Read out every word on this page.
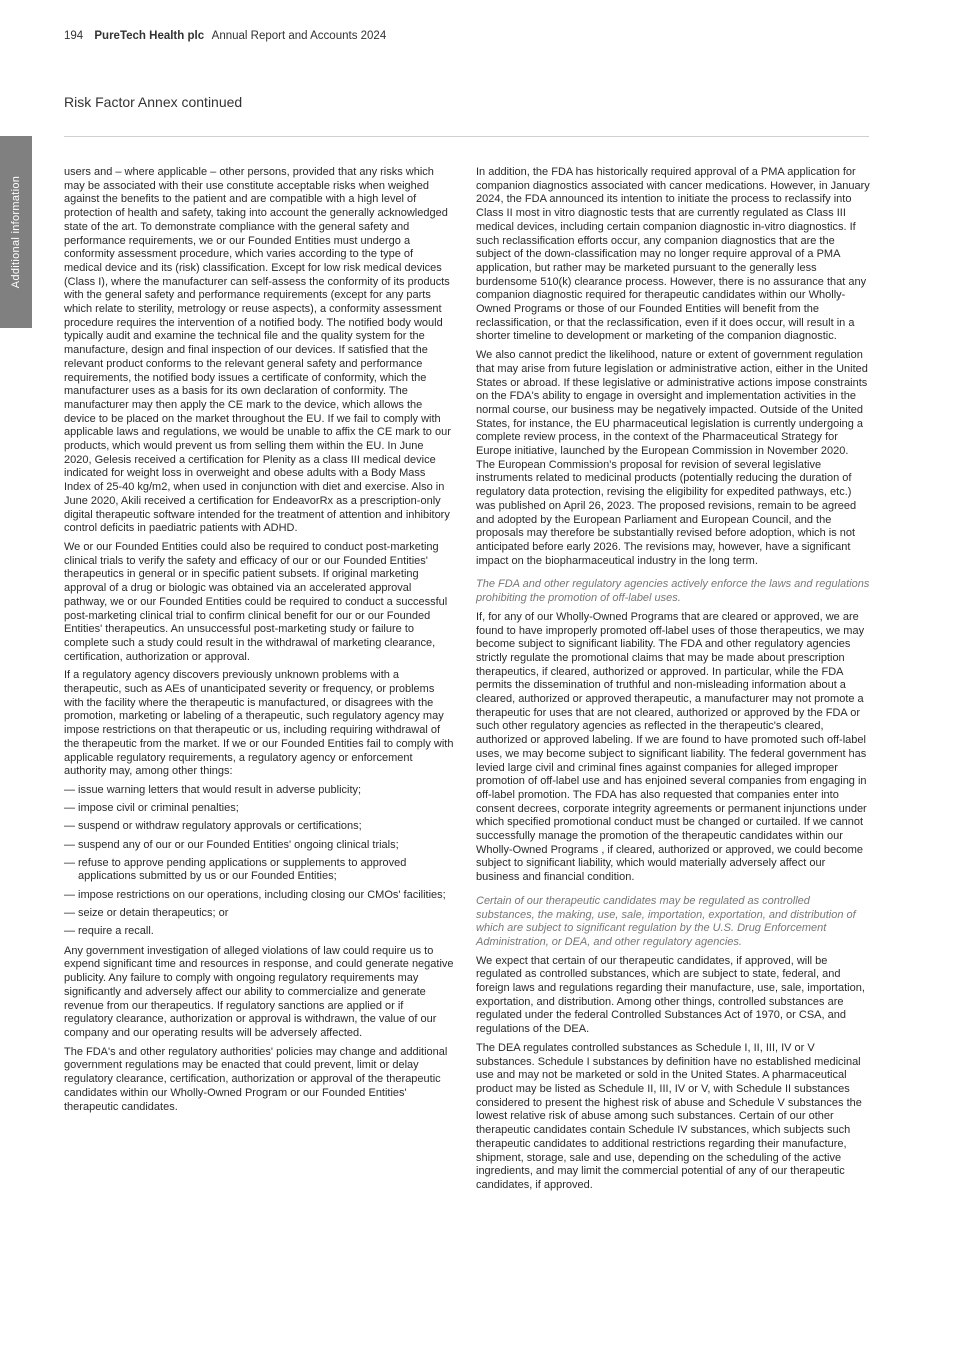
194 PureTech Health plc Annual Report and Accounts 2024
Risk Factor Annex continued
Additional information

users and – where applicable – other persons, provided that any risks which may be associated with their use constitute acceptable risks when weighed against the benefits to the patient and are compatible with a high level of protection of health and safety, taking into account the generally acknowledged state of the art. To demonstrate compliance with the general safety and performance requirements, we or our Founded Entities must undergo a conformity assessment procedure, which varies according to the type of medical device and its (risk) classification. Except for low risk medical devices (Class I), where the manufacturer can self-assess the conformity of its products with the general safety and performance requirements (except for any parts which relate to sterility, metrology or reuse aspects), a conformity assessment procedure requires the intervention of a notified body. The notified body would typically audit and examine the technical file and the quality system for the manufacture, design and final inspection of our devices. If satisfied that the relevant product conforms to the relevant general safety and performance requirements, the notified body issues a certificate of conformity, which the manufacturer uses as a basis for its own declaration of conformity. The manufacturer may then apply the CE mark to the device, which allows the device to be placed on the market throughout the EU. If we fail to comply with applicable laws and regulations, we would be unable to affix the CE mark to our products, which would prevent us from selling them within the EU. In June 2020, Gelesis received a certification for Plenity as a class III medical device indicated for weight loss in overweight and obese adults with a Body Mass Index of 25-40 kg/m2, when used in conjunction with diet and exercise. Also in June 2020, Akili received a certification for EndeavorRx as a prescription-only digital therapeutic software intended for the treatment of attention and inhibitory control deficits in paediatric patients with ADHD.

We or our Founded Entities could also be required to conduct post-marketing clinical trials to verify the safety and efficacy of our or our Founded Entities' therapeutics in general or in specific patient subsets. If original marketing approval of a drug or biologic was obtained via an accelerated approval pathway, we or our Founded Entities could be required to conduct a successful post-marketing clinical trial to confirm clinical benefit for our or our Founded Entities' therapeutics. An unsuccessful post-marketing study or failure to complete such a study could result in the withdrawal of marketing clearance, certification, authorization or approval.

If a regulatory agency discovers previously unknown problems with a therapeutic, such as AEs of unanticipated severity or frequency, or problems with the facility where the therapeutic is manufactured, or disagrees with the promotion, marketing or labeling of a therapeutic, such regulatory agency may impose restrictions on that therapeutic or us, including requiring withdrawal of the therapeutic from the market. If we or our Founded Entities fail to comply with applicable regulatory requirements, a regulatory agency or enforcement authority may, among other things:

— issue warning letters that would result in adverse publicity;
— impose civil or criminal penalties;
— suspend or withdraw regulatory approvals or certifications;
— suspend any of our or our Founded Entities' ongoing clinical trials;
— refuse to approve pending applications or supplements to approved applications submitted by us or our Founded Entities;
— impose restrictions on our operations, including closing our CMOs' facilities;
— seize or detain therapeutics; or
— require a recall.

Any government investigation of alleged violations of law could require us to expend significant time and resources in response, and could generate negative publicity. Any failure to comply with ongoing regulatory requirements may significantly and adversely affect our ability to commercialize and generate revenue from our therapeutics. If regulatory sanctions are applied or if regulatory clearance, authorization or approval is withdrawn, the value of our company and our operating results will be adversely affected.

The FDA's and other regulatory authorities' policies may change and additional government regulations may be enacted that could prevent, limit or delay regulatory clearance, certification, authorization or approval of the therapeutic candidates within our Wholly-Owned Program or our Founded Entities' therapeutic candidates.

In addition, the FDA has historically required approval of a PMA application for companion diagnostics associated with cancer medications. However, in January 2024, the FDA announced its intention to initiate the process to reclassify into Class II most in vitro diagnostic tests that are currently regulated as Class III medical devices, including certain companion diagnostic in-vitro diagnostics. If such reclassification efforts occur, any companion diagnostics that are the subject of the down-classification may no longer require approval of a PMA application, but rather may be marketed pursuant to the generally less burdensome 510(k) clearance process. However, there is no assurance that any companion diagnostic required for therapeutic candidates within our Wholly-Owned Programs or those of our Founded Entities will benefit from the reclassification, or that the reclassification, even if it does occur, will result in a shorter timeline to development or marketing of the companion diagnostic.

We also cannot predict the likelihood, nature or extent of government regulation that may arise from future legislation or administrative action, either in the United States or abroad. If these legislative or administrative actions impose constraints on the FDA's ability to engage in oversight and implementation activities in the normal course, our business may be negatively impacted. Outside of the United States, for instance, the EU pharmaceutical legislation is currently undergoing a complete review process, in the context of the Pharmaceutical Strategy for Europe initiative, launched by the European Commission in November 2020. The European Commission's proposal for revision of several legislative instruments related to medicinal products (potentially reducing the duration of regulatory data protection, revising the eligibility for expedited pathways, etc.) was published on April 26, 2023. The proposed revisions, remain to be agreed and adopted by the European Parliament and European Council, and the proposals may therefore be substantially revised before adoption, which is not anticipated before early 2026. The revisions may, however, have a significant impact on the biopharmaceutical industry in the long term.

The FDA and other regulatory agencies actively enforce the laws and regulations prohibiting the promotion of off-label uses.

If, for any of our Wholly-Owned Programs that are cleared or approved, we are found to have improperly promoted off-label uses of those therapeutics, we may become subject to significant liability. The FDA and other regulatory agencies strictly regulate the promotional claims that may be made about prescription therapeutics, if cleared, authorized or approved. In particular, while the FDA permits the dissemination of truthful and non-misleading information about a cleared, authorized or approved therapeutic, a manufacturer may not promote a therapeutic for uses that are not cleared, authorized or approved by the FDA or such other regulatory agencies as reflected in the therapeutic's cleared, authorized or approved labeling. If we are found to have promoted such off-label uses, we may become subject to significant liability. The federal government has levied large civil and criminal fines against companies for alleged improper promotion of off-label use and has enjoined several companies from engaging in off-label promotion. The FDA has also requested that companies enter into consent decrees, corporate integrity agreements or permanent injunctions under which specified promotional conduct must be changed or curtailed. If we cannot successfully manage the promotion of the therapeutic candidates within our Wholly-Owned Programs , if cleared, authorized or approved, we could become subject to significant liability, which would materially adversely affect our business and financial condition.

Certain of our therapeutic candidates may be regulated as controlled substances, the making, use, sale, importation, exportation, and distribution of which are subject to significant regulation by the U.S. Drug Enforcement Administration, or DEA, and other regulatory agencies.

We expect that certain of our therapeutic candidates, if approved, will be regulated as controlled substances, which are subject to state, federal, and foreign laws and regulations regarding their manufacture, use, sale, importation, exportation, and distribution. Among other things, controlled substances are regulated under the federal Controlled Substances Act of 1970, or CSA, and regulations of the DEA.

The DEA regulates controlled substances as Schedule I, II, III, IV or V substances. Schedule I substances by definition have no established medicinal use and may not be marketed or sold in the United States. A pharmaceutical product may be listed as Schedule II, III, IV or V, with Schedule II substances considered to present the highest risk of abuse and Schedule V substances the lowest relative risk of abuse among such substances. Certain of our other therapeutic candidates contain Schedule IV substances, which subjects such therapeutic candidates to additional restrictions regarding their manufacture, shipment, storage, sale and use, depending on the scheduling of the active ingredients, and may limit the commercial potential of any of our therapeutic candidates, if approved.
